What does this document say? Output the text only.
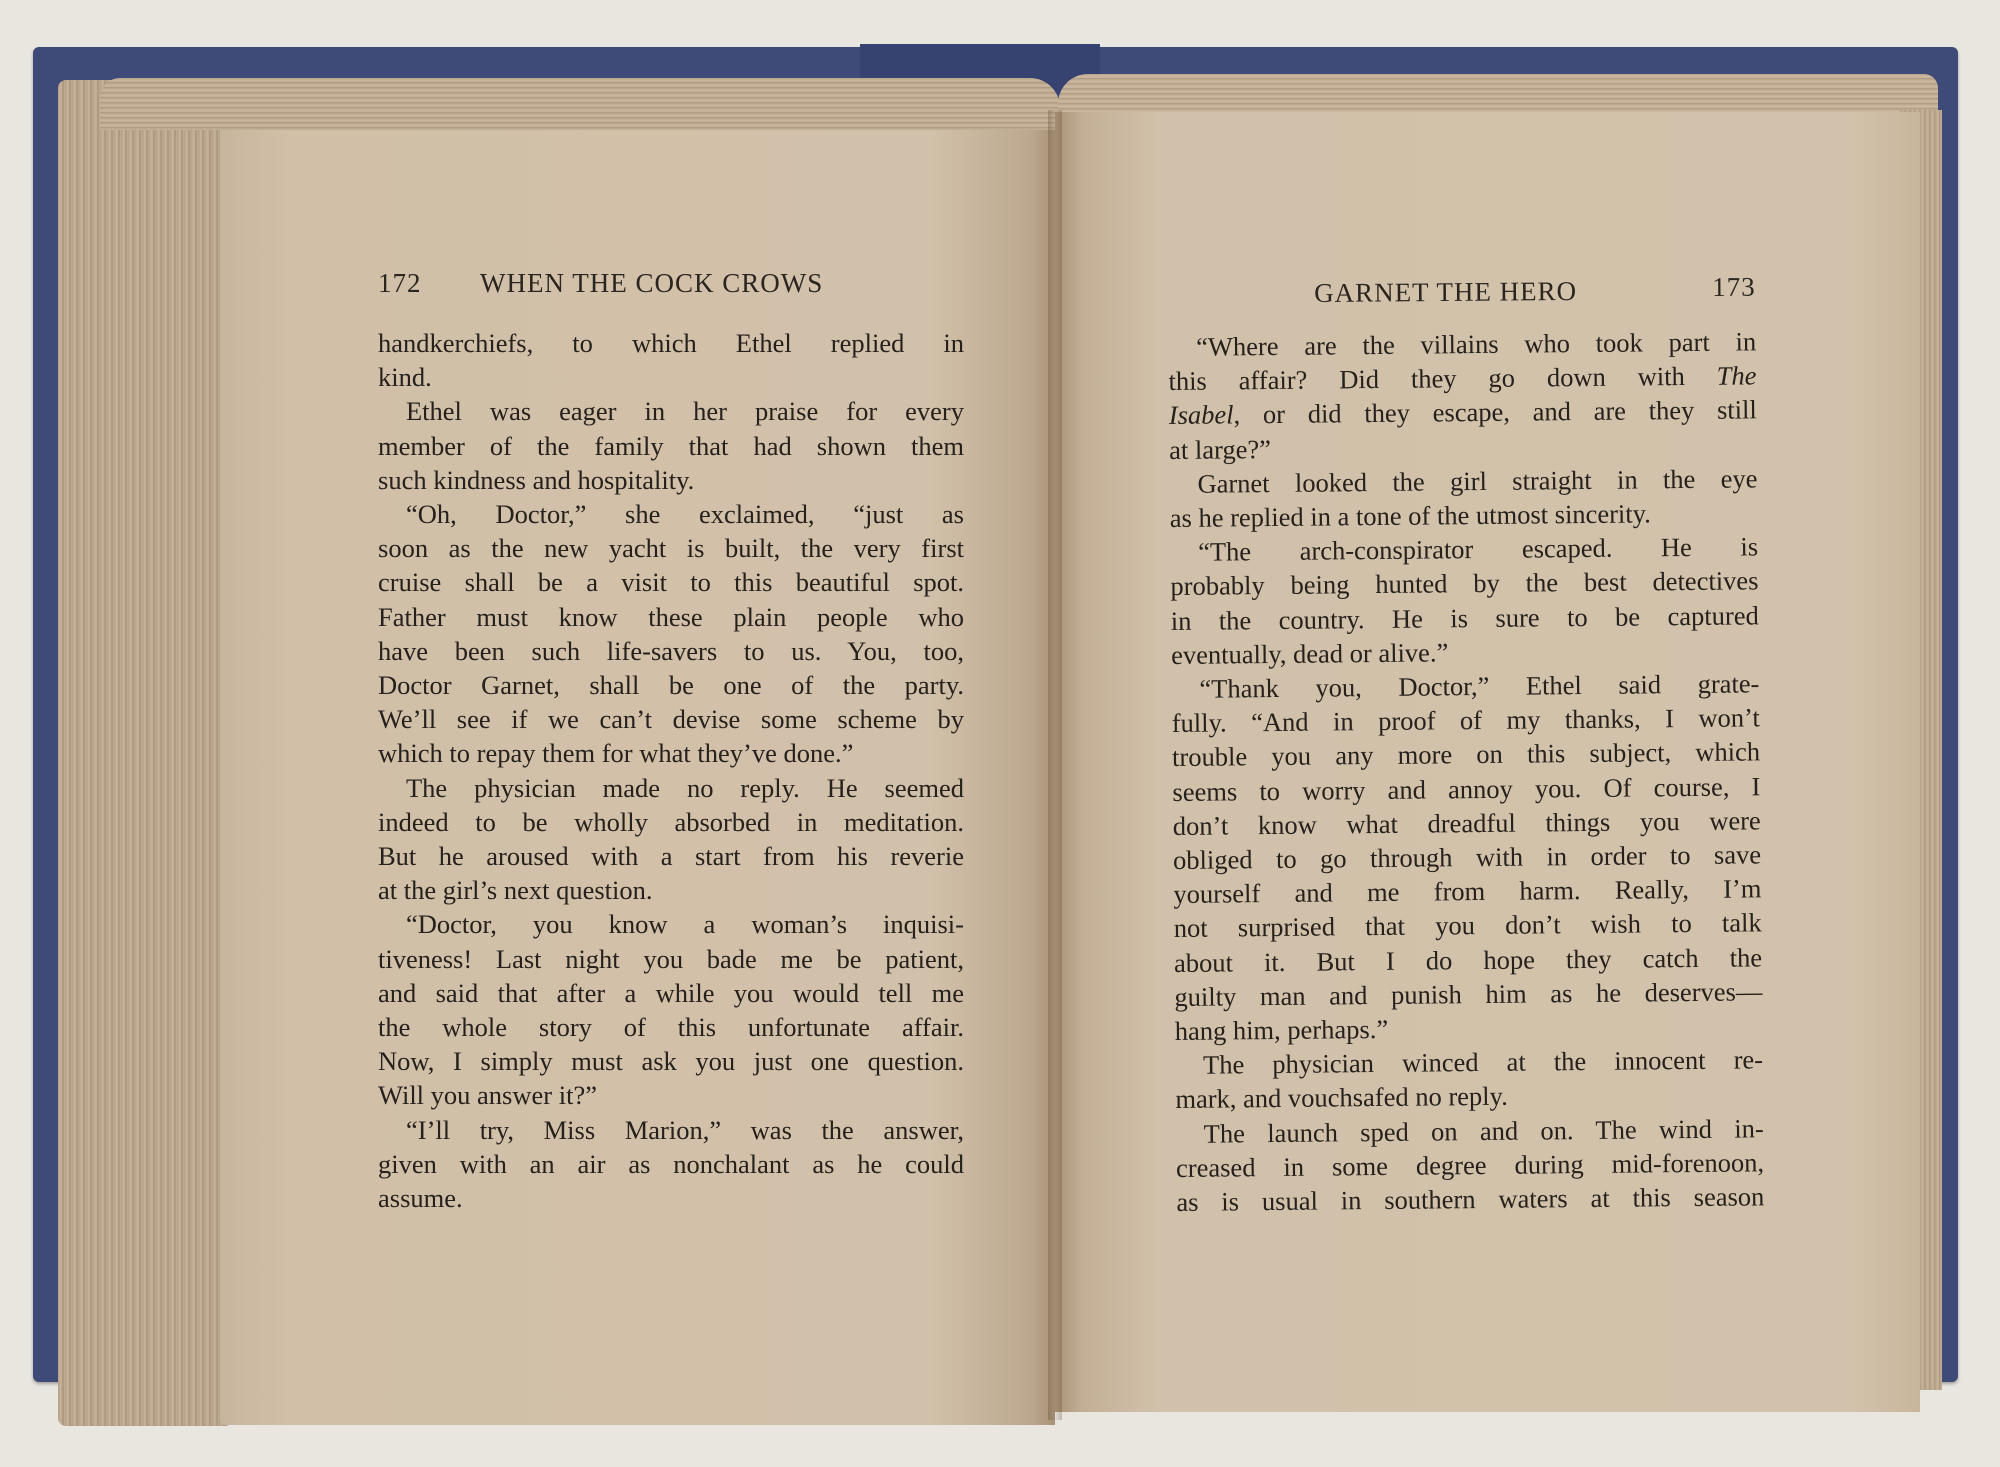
172 WHEN THE COCK CROWS	GARNET THE HERO	173

handkerchiefs, to which Ethel replied in

kind.

Ethel was eager in her praise for every

member of the family that had shown them

such kindness and hospitality.

“Oh, Doctor,” she exclaimed, “just as

soon as the new yacht is built, the very first

cruise shall be a visit to this beautiful spot.

Father must know these plain people who

have been such life-savers to us. You, too,

Doctor Garnet, shall be one of the party.

We’ll see if we can’t devise some scheme by

which to repay them for what they’ve done.”

The physician made no reply. He seemed

indeed to be wholly absorbed in meditation.

But he aroused with a start from his reverie

at the girl’s next question.

“Doctor, you know a woman’s inquisi-

tiveness! Last night you bade me be patient,

and said that after a while you would tell me

the whole story of this unfortunate affair.

Now, I simply must ask you just one question.

Will you answer it?”

“I’ll try, Miss Marion,” was the answer,

given with an air as nonchalant as he could

assume.

“Where are the villains who took part in

this affair? Did they go down with The

Isabel, or did they escape, and are they still

at large?”

Garnet looked the girl straight in the eye

as he replied in a tone of the utmost sincerity.

“The arch-conspirator escaped. He is

probably being hunted by the best detectives

in the country. He is sure to be captured

eventually, dead or alive.”

“Thank you, Doctor,” Ethel said grate-

fully. “And in proof of my thanks, I won’t

trouble you any more on this subject, which

seems to worry and annoy you. Of course, I

don’t know what dreadful things you were

obliged to go through with in order to save

yourself and me from harm. Really, I’m

not surprised that you don’t wish to talk

about it. But I do hope they catch the

guilty man and punish him as he deserves—

hang him, perhaps.”

The physician winced at the innocent re-

mark, and vouchsafed no reply.

The launch sped on and on. The wind in-

creased in some degree during mid-forenoon,

as is usual in southern waters at this season
